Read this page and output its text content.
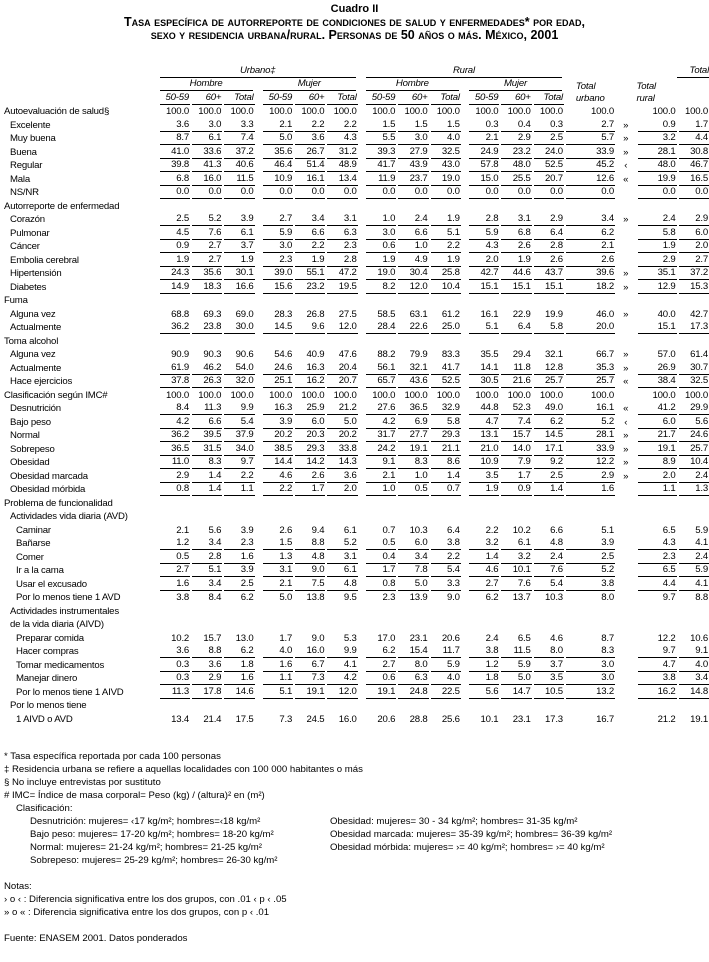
Cuadro II
Tasa específica de autorreporte de condiciones de salud y enfermedades* por edad,
sexo y residencia urbana/rural. Personas de 50 años o más. México, 2001

	Urbano‡								Rural										Total

	Hombre				Mujer				Hombre				Mujer			Total urbano		Total rural	

	50-59	60+	Total		50-59	60+	Total		50-59	60+	Total		50-59	60+	Total				

Autoevaluación de salud§	100.0	100.0	100.0		100.0	100.0	100.0		100.0	100.0	100.0		100.0	100.0	100.0	100.0		100.0	100.0

Excelente	3.6	3.0	3.3		2.1	2.2	2.2		1.5	1.5	1.5		0.3	0.4	0.3	2.7	»	0.9	1.7

Muy buena	8.7	6.1	7.4		5.0	3.6	4.3		5.5	3.0	4.0		2.1	2.9	2.5	5.7	»	3.2	4.4

Buena	41.0	33.6	37.2		35.6	26.7	31.2		39.3	27.9	32.5		24.9	23.2	24.0	33.9	»	28.1	30.8

Regular	39.8	41.3	40.6		46.4	51.4	48.9		41.7	43.9	43.0		57.8	48.0	52.5	45.2	‹	48.0	46.7

Mala	6.8	16.0	11.5		10.9	16.1	13.4		11.9	23.7	19.0		15.0	25.5	20.7	12.6	«	19.9	16.5

NS/NR	0.0	0.0	0.0		0.0	0.0	0.0		0.0	0.0	0.0		0.0	0.0	0.0	0.0		0.0	0.0

Autorreporte de enfermedad																			
Corazón	2.5	5.2	3.9		2.7	3.4	3.1		1.0	2.4	1.9		2.8	3.1	2.9	3.4	»	2.4	2.9

Pulmonar	4.5	7.6	6.1		5.9	6.6	6.3		3.0	6.6	5.1		5.9	6.8	6.4	6.2		5.8	6.0

Cáncer	0.9	2.7	3.7		3.0	2.2	2.3		0.6	1.0	2.2		4.3	2.6	2.8	2.1		1.9	2.0

Embolia cerebral	1.9	2.7	1.9		2.3	1.9	2.8		1.9	4.9	1.9		2.0	1.9	2.6	2.6		2.9	2.7

Hipertensión	24.3	35.6	30.1		39.0	55.1	47.2		19.0	30.4	25.8		42.7	44.6	43.7	39.6	»	35.1	37.2

Diabetes	14.9	18.3	16.6		15.6	23.2	19.5		8.2	12.0	10.4		15.1	15.1	15.1	18.2	»	12.9	15.3

Fuma																			
Alguna vez	68.8	69.3	69.0		28.3	26.8	27.5		58.5	63.1	61.2		16.1	22.9	19.9	46.0	»	40.0	42.7

Actualmente	36.2	23.8	30.0		14.5	9.6	12.0		28.4	22.6	25.0		5.1	6.4	5.8	20.0		15.1	17.3

Toma alcohol																			
Alguna vez	90.9	90.3	90.6		54.6	40.9	47.6		88.2	79.9	83.3		35.5	29.4	32.1	66.7	»	57.0	61.4

Actualmente	61.9	46.2	54.0		24.6	16.3	20.4		56.1	32.1	41.7		14.1	11.8	12.8	35.3	»	26.9	30.7

Hace ejercicios	37.8	26.3	32.0		25.1	16.2	20.7		65.7	43.6	52.5		30.5	21.6	25.7	25.7	«	38.4	32.5

Clasificación según IMC#	100.0	100.0	100.0		100.0	100.0	100.0		100.0	100.0	100.0		100.0	100.0	100.0	100.0		100.0	100.0

Desnutrición	8.4	11.3	9.9		16.3	25.9	21.2		27.6	36.5	32.9		44.8	52.3	49.0	16.1	«	41.2	29.9

Bajo peso	4.2	6.6	5.4		3.9	6.0	5.0		4.2	6.9	5.8		4.7	7.4	6.2	5.2	‹	6.0	5.6

Normal	36.2	39.5	37.9		20.2	20.3	20.2		31.7	27.7	29.3		13.1	15.7	14.5	28.1	»	21.7	24.6

Sobrepeso	36.5	31.5	34.0		38.5	29.3	33.8		24.2	19.1	21.1		21.0	14.0	17.1	33.9	»	19.1	25.7

Obesidad	11.0	8.3	9.7		14.4	14.2	14.3		9.1	8.3	8.6		10.9	7.9	9.2	12.2	»	8.9	10.4

Obesidad marcada	2.9	1.4	2.2		4.6	2.6	3.6		2.1	1.0	1.4		3.5	1.7	2.5	2.9	»	2.0	2.4

Obesidad mórbida	0.8	1.4	1.1		2.2	1.7	2.0		1.0	0.5	0.7		1.9	0.9	1.4	1.6		1.1	1.3

Problema de funcionalidad																			
Actividades vida diaria (AVD)																			
Caminar	2.1	5.6	3.9		2.6	9.4	6.1		0.7	10.3	6.4		2.2	10.2	6.6	5.1		6.5	5.9

Bañarse	1.2	3.4	2.3		1.5	8.8	5.2		0.5	6.0	3.8		3.2	6.1	4.8	3.9		4.3	4.1

Comer	0.5	2.8	1.6		1.3	4.8	3.1		0.4	3.4	2.2		1.4	3.2	2.4	2.5		2.3	2.4

Ir a la cama	2.7	5.1	3.9		3.1	9.0	6.1		1.7	7.8	5.4		4.6	10.1	7.6	5.2		6.5	5.9

Usar el excusado	1.6	3.4	2.5		2.1	7.5	4.8		0.8	5.0	3.3		2.7	7.6	5.4	3.8		4.4	4.1

Por lo menos tiene 1 AVD	3.8	8.4	6.2		5.0	13.8	9.5		2.3	13.9	9.0		6.2	13.7	10.3	8.0		9.7	8.8

Actividades instrumentales																			
de la vida diaria (AIVD)																			
Preparar comida	10.2	15.7	13.0		1.7	9.0	5.3		17.0	23.1	20.6		2.4	6.5	4.6	8.7		12.2	10.6

Hacer compras	3.6	8.8	6.2		4.0	16.0	9.9		6.2	15.4	11.7		3.8	11.5	8.0	8.3		9.7	9.1

Tomar medicamentos	0.3	3.6	1.8		1.6	6.7	4.1		2.7	8.0	5.9		1.2	5.9	3.7	3.0		4.7	4.0

Manejar dinero	0.3	2.9	1.6		1.1	7.3	4.2		0.6	6.3	4.0		1.8	5.0	3.5	3.0		3.8	3.4

Por lo menos tiene 1 AIVD	11.3	17.8	14.6		5.1	19.1	12.0		19.1	24.8	22.5		5.6	14.7	10.5	13.2		16.2	14.8

Por lo menos tiene																			
1 AIVD o AVD	13.4	21.4	17.5		7.3	24.5	16.0		20.6	28.8	25.6		10.1	23.1	17.3	16.7		21.2	19.1
* Tasa específica reportada por cada 100 personas
‡ Residencia urbana se refiere a aquellas localidades con 100 000 habitantes o más
§ No incluye entrevistas por sustituto
# IMC= Índice de masa corporal= Peso (kg) / (altura)² en (m²)
Clasificación:
Desnutrición: mujeres= ‹17 kg/m²; hombres=‹18 kg/m²	Obesidad: mujeres= 30 - 34 kg/m²; hombres= 31-35 kg/m²
Bajo peso: mujeres= 17-20 kg/m²; hombres= 18-20 kg/m²	Obesidad marcada: mujeres= 35-39 kg/m²; hombres= 36-39 kg/m²
Normal: mujeres= 21-24 kg/m²; hombres= 21-25 kg/m²	Obesidad mórbida: mujeres= ›= 40 kg/m²; hombres= ›= 40 kg/m²
Sobrepeso: mujeres= 25-29 kg/m²; hombres= 26-30 kg/m²
Notas:
› o ‹ : Diferencia significativa entre los dos grupos, con .01 ‹ p ‹ .05
» o « : Diferencia significativa entre los dos grupos, con p ‹ .01
Fuente: ENASEM 2001. Datos ponderados
